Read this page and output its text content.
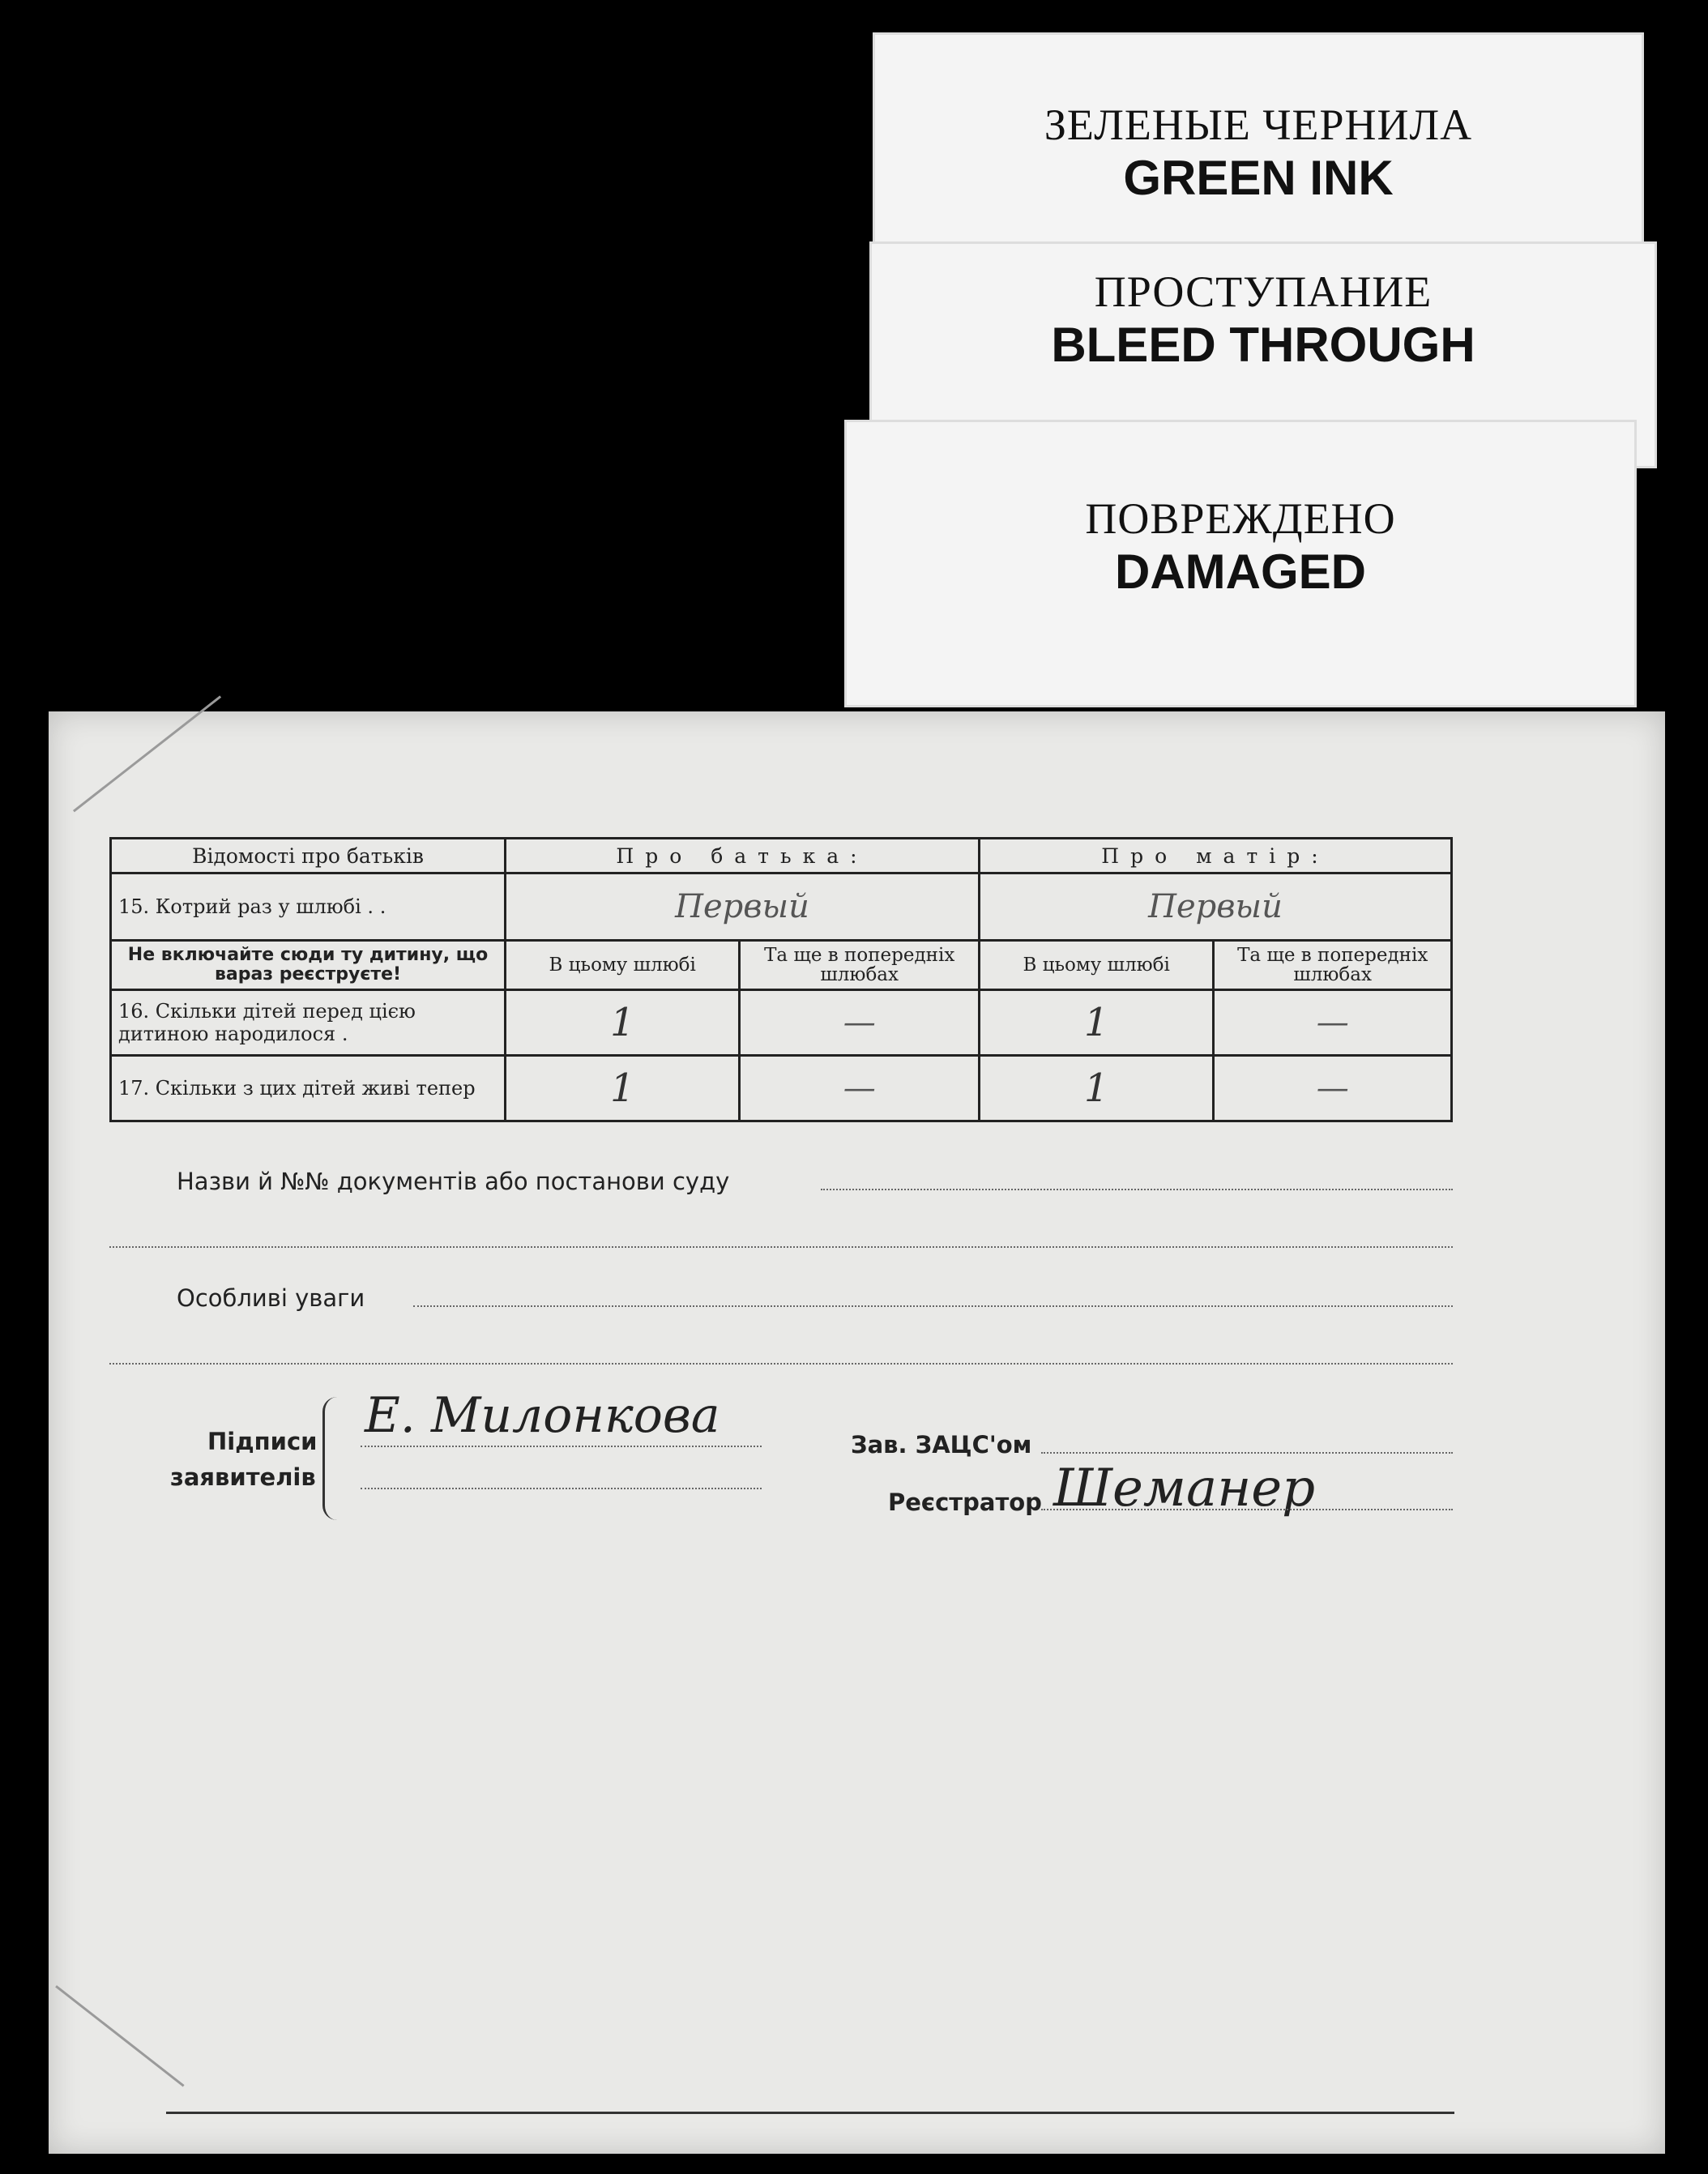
ЗЕЛЕНЫЕ ЧЕРНИЛА
GREEN INK
ПРОСТУПАНИЕ
BLEED THROUGH
ПОВРЕЖДЕНО
DAMAGED
Відомості про батьків	Про батька:		Про матір:	
15. Котрий раз у шлюбі . .	Первый		Первый	
Не включайте сюди ту дитину, що вараз реєструєте!	В цьому шлюбі	Та ще в попередніх шлюбах	В цьому шлюбі	Та ще в попередніх шлюбах
16. Скільки дітей перед цією дитиною народилося .	1	—	1	—
17. Скільки з цих дітей живі тепер	1	—	1	—
Назви й №№ документів або постанови суду
Особливі уваги
Підписи
заявителів
Е. Милонкова
Зав. ЗАЦС'ом
Реєстратор Шеманер
